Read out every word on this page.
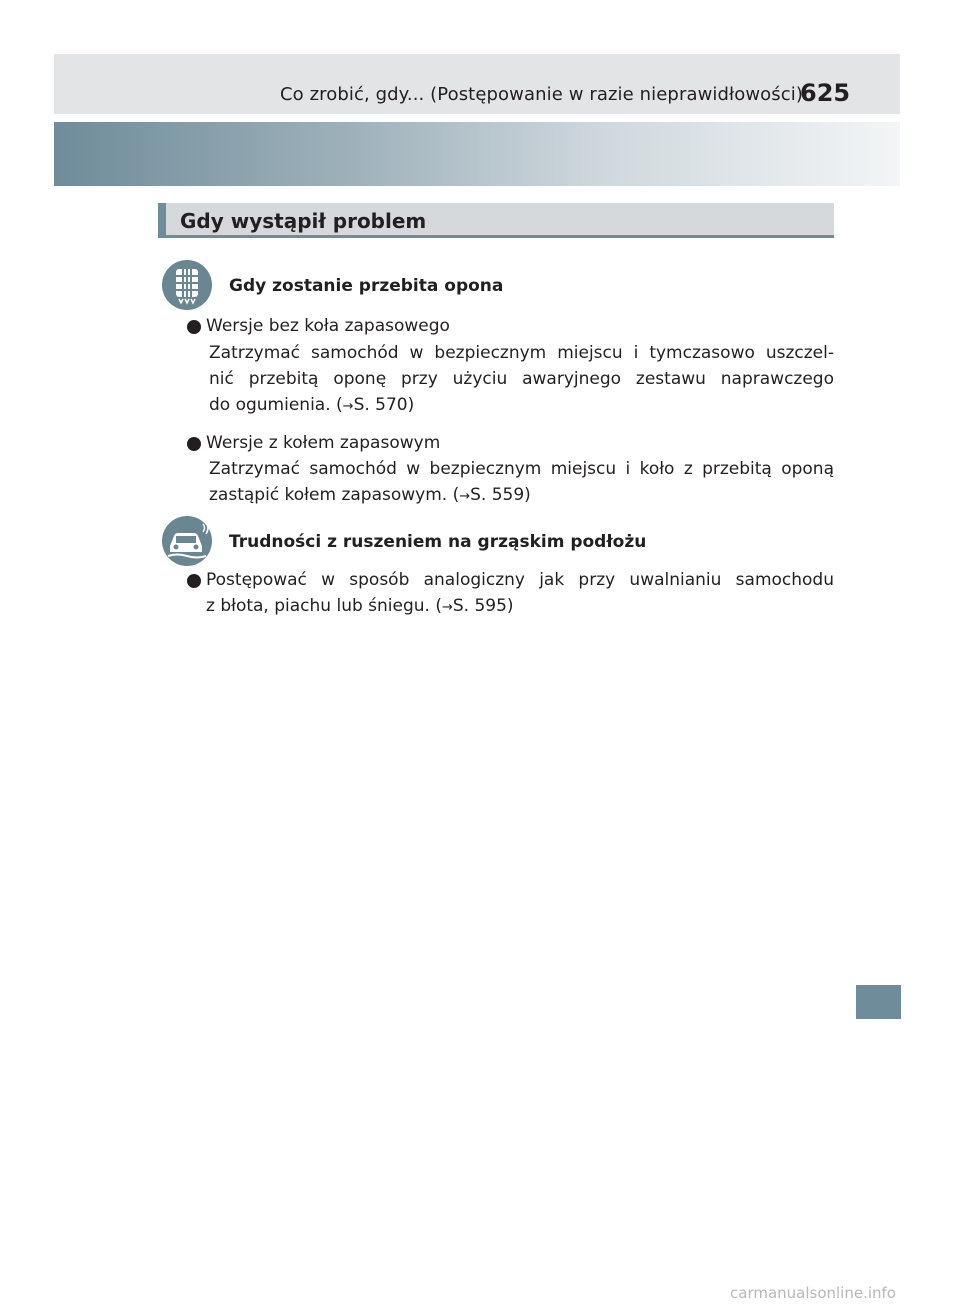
Co zrobić, gdy... (Postępowanie w razie nieprawidłowości)
625
Gdy wystąpił problem
Gdy zostanie przebita opona
Wersje bez koła zapasowego
Zatrzymać samochód w bezpiecznym miejscu i tymczasowo uszczel-
nić przebitą oponę przy użyciu awaryjnego zestawu naprawczego
do ogumienia. (→S. 570)
Wersje z kołem zapasowym
Zatrzymać samochód w bezpiecznym miejscu i koło z przebitą oponą
zastąpić kołem zapasowym. (→S. 559)
Trudności z ruszeniem na grząskim podłożu
Postępować w sposób analogiczny jak przy uwalnianiu samochodu
z błota, piachu lub śniegu. (→S. 595)
carmanualsonline.info
